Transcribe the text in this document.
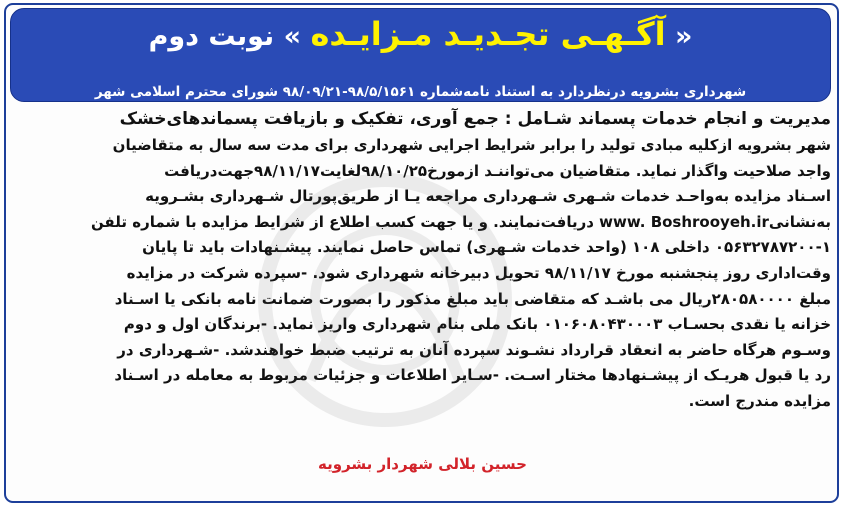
« آگـهـی تجـدیـد مـزایـده » نوبت دوم
شهرداری بشرویه درنظردارد به استناد نامه‌شماره ۹۸/۵/۱۵۶۱-۹۸/۰۹/۲۱ شورای محترم اسلامی شهر
مدیریت و انجام خدمات پسماند شـامل : جمع آوری، تفکیک و بازیافت پسماندهای‌خشک
شهر بشرویه ازکلیه مبادی تولید را برابر شرایط اجرایی شهرداری برای مدت سه سال به متقاضیان
واجد صلاحیت واگذار نماید. متقاضیان می‌تواننـد ازمورخ‌۹۸/۱۰/۲۵لغایت۹۸/۱۱/۱۷جهت‌دریافت
اسـناد مزایده به‌واحـد خدمات شـهری شـهرداری مراجعه یـا از طریق‌پورتال شـهرداری بشـرویه
به‌نشانیwww. Boshrooyeh.ir دریافت‌نمایند. و یا جهت کسب اطلاع از شرایط مزایده با شماره تلفن
۰۵۶۳۲۷۸۷۲۰۰-۱ داخلی ۱۰۸ (واحد خدمات شـهری) تماس حاصل نمایند. پیشـنهادات باید تا پایان
وقت‌اداری روز پنجشنبه مورخ ۹۸/۱۱/۱۷ تحویل دبیرخانه شهرداری شود. -سپرده شرکت در مزایده
مبلغ ۲۸۰۵۸۰۰۰۰ریال می باشـد که متقاضی باید مبلغ مذکور را بصورت ضمانت نامه بانکی یا اسـناد
خزانه یا نقدی بحسـاب ۰۱۰۶۰۸۰۴۳۰۰۰۳ بانک ملی بنام شهرداری واریز نماید. -برندگان اول و دوم
وسـوم هرگاه حاضر به انعقاد قرارداد نشـوند سپرده آنان به ترتیب ضبط خواهندشد. -شـهرداری در
رد یا قبول هریـک از پیشـنهادها مختار اسـت. -سـایر اطلاعات و جزئیات مربوط به معامله در اسـناد
مزایده مندرج است.
حسین بلالی شهردار بشرویه
